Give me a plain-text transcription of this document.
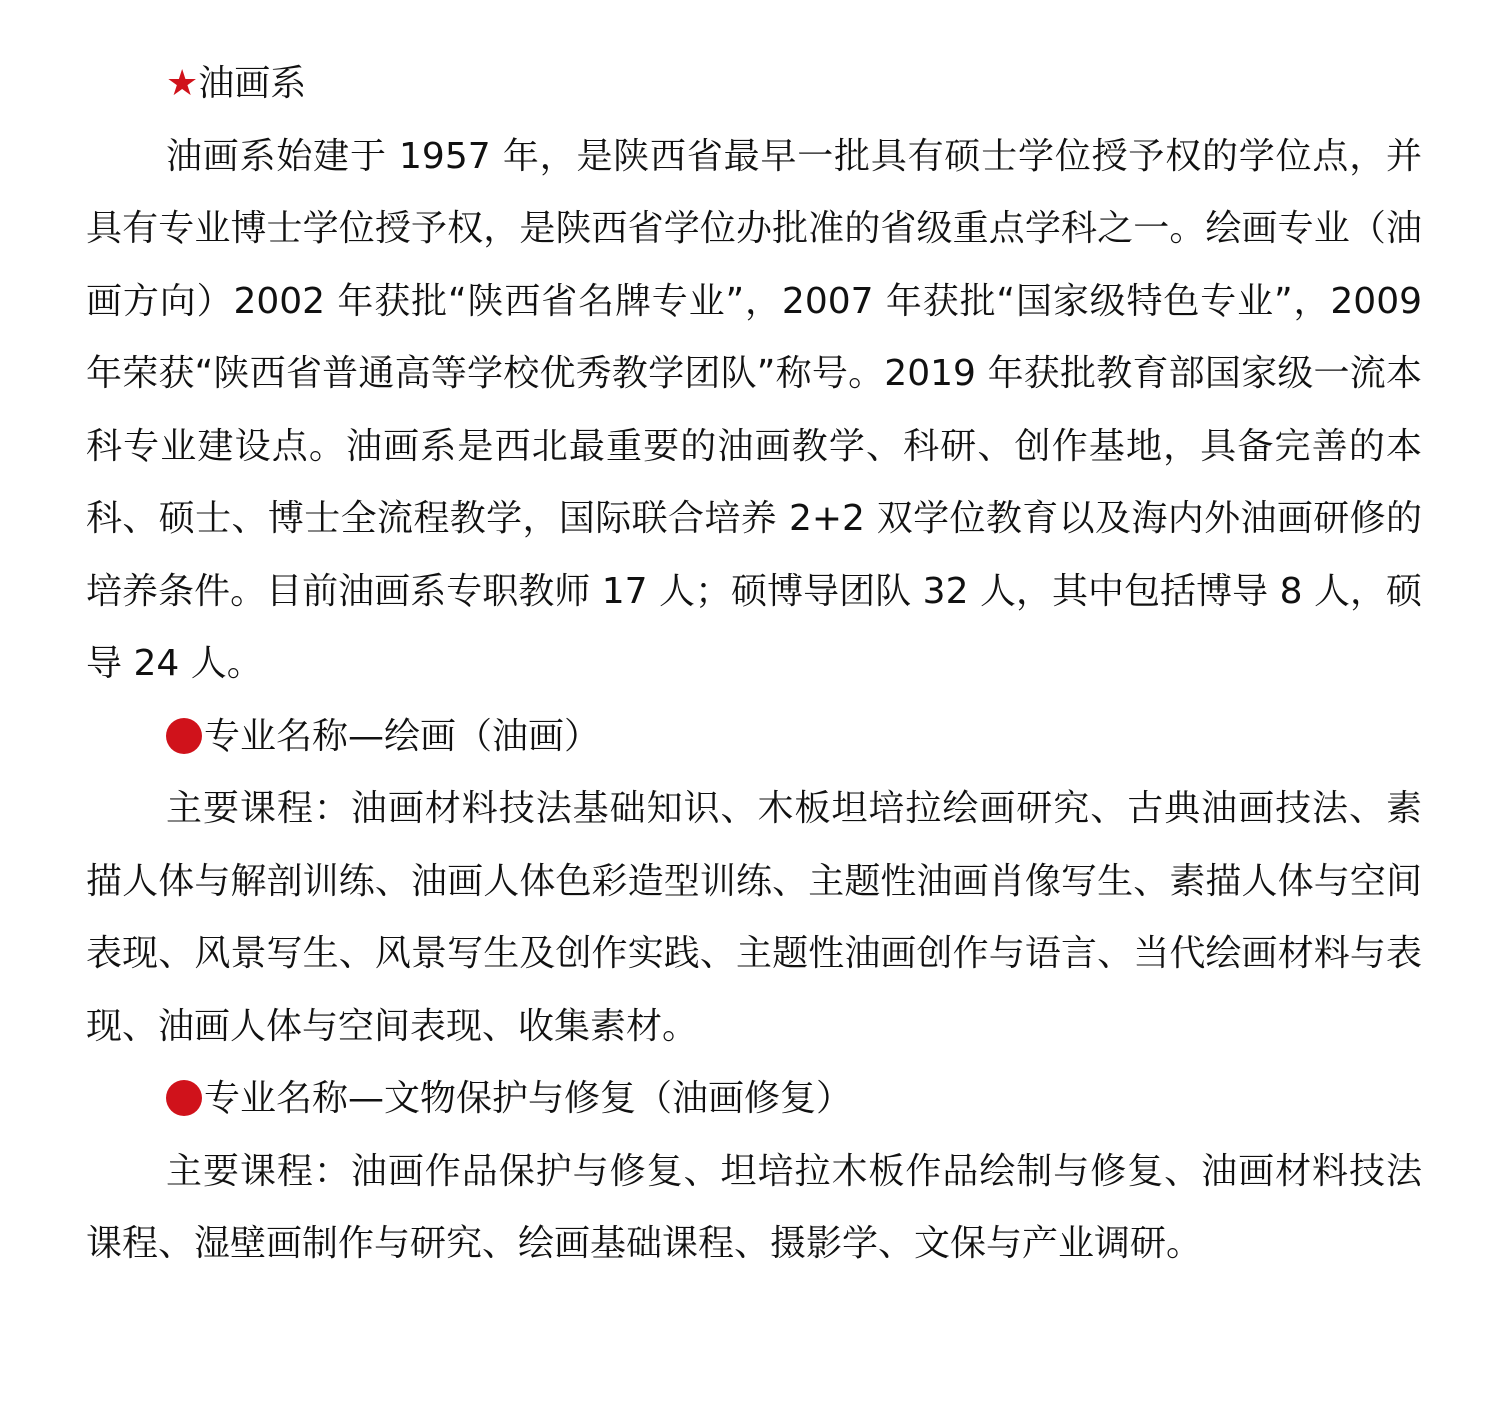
★油画系

油画系始建于 1957 年，是陕西省最早一批具有硕士学位授予权的学位点，并具有专业博士学位授予权，是陕西省学位办批准的省级重点学科之一。绘画专业（油画方向）2002 年获批“陕西省名牌专业”，2007 年获批“国家级特色专业”，2009 年荣获“陕西省普通高等学校优秀教学团队”称号。2019 年获批教育部国家级一流本科专业建设点。油画系是西北最重要的油画教学、科研、创作基地，具备完善的本科、硕士、博士全流程教学，国际联合培养 2+2 双学位教育以及海内外油画研修的培养条件。目前油画系专职教师 17 人；硕博导团队 32 人，其中包括博导 8 人，硕导 24 人。

专业名称—绘画（油画）

主要课程：油画材料技法基础知识、木板坦培拉绘画研究、古典油画技法、素描人体与解剖训练、油画人体色彩造型训练、主题性油画肖像写生、素描人体与空间表现、风景写生、风景写生及创作实践、主题性油画创作与语言、当代绘画材料与表现、油画人体与空间表现、收集素材。

专业名称—文物保护与修复（油画修复）

主要课程：油画作品保护与修复、坦培拉木板作品绘制与修复、油画材料技法课程、湿壁画制作与研究、绘画基础课程、摄影学、文保与产业调研。
